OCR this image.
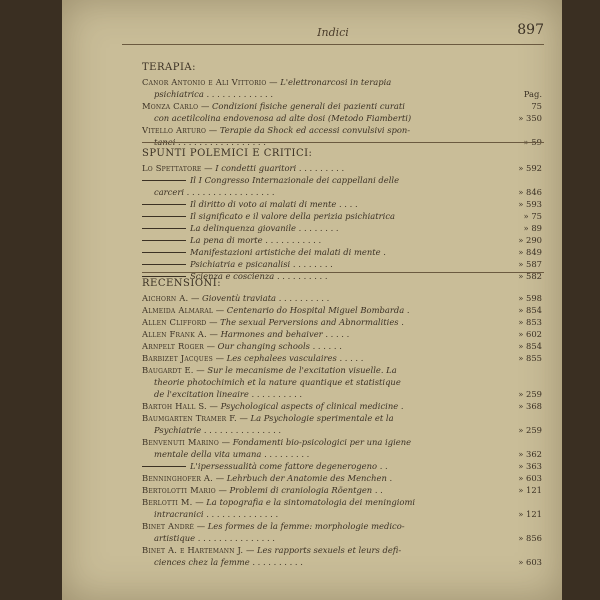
Indici	897
TERAPIA:
Canor Antonio e Ali Vittorio — L'elettronarcosi in terapia
psichiatrica . . . . . . . . . . . . .	Pag. 75
Monza Carlo — Condizioni fisiche generali dei pazienti curati
con acetilcolina endovenosa ad alte dosi (Metodo Fiamberti)	» 350
Vitello Arturo — Terapie da Shock ed accessi convulsivi spon-
tanei . . . . . . . . . . . . . . . . .	» 59
SPUNTI POLEMICI E CRITICI:
Lo Spettatore — I condetti guaritori . . . . . . . . .	» 592
Il I Congresso Internazionale dei cappellani delle
carceri . . . . . . . . . . . . . . . . .	» 846
Il diritto di voto ai malati di mente . . . .	» 593
Il significato e il valore della perizia psichiatrica	» 75
La delinquenza giovanile . . . . . . . .	» 89
La pena di morte . . . . . . . . . . .	» 290
Manifestazioni artistiche dei malati di mente .	» 849
Psichiatria e psicanalisi . . . . . . . .	» 587
Scienza e coscienza . . . . . . . . . .	» 582
RECENSIONI:
Aichorn A. — Gioventù traviata . . . . . . . . . .	» 598
Almeida Almaral — Centenario do Hospital Miguel Bombarda .	» 854
Allen Clifford — The sexual Perversions and Abnormalities .	» 853
Allen Frank A. — Harmones and behaiver . . . . .	» 602
Arnpelt Roger — Our changing schools . . . . . .	» 854
Barbizet Jacques — Les cephalees vasculaires . . . . .	» 855
Baugardt E. — Sur le mecanisme de l'excitation visuelle. La
theorie photochimich et la nature quantique et statistique
de l'excitation lineaire . . . . . . . . . .	» 259
Bartoh Hall S. — Psychological aspects of clinical medicine .	» 368
Baumgarten Tramer F. — La Psychologie sperimentale et la
Psychiatrie . . . . . . . . . . . . . . .	» 259
Benvenuti Marino — Fondamenti bio-psicologici per una igiene
mentale della vita umana . . . . . . . . .	» 362
L'ipersessualità come fattore degenerogeno . .	» 363
Benninghofer A. — Lehrbuch der Anatomie des Menchen .	» 603
Bertolotti Mario — Problemi di craniologia Röentgen . .	» 121
Berlotti M. — La topografia e la sintomatologia dei meningiomi
intracranici . . . . . . . . . . . . . .	» 121
Binet André — Les formes de la femme: morphologie medico-
artistique . . . . . . . . . . . . . . .	» 856
Binet A. e Hartemann J. — Les rapports sexuels et leurs defi-
ciences chez la femme . . . . . . . . . .	» 603
